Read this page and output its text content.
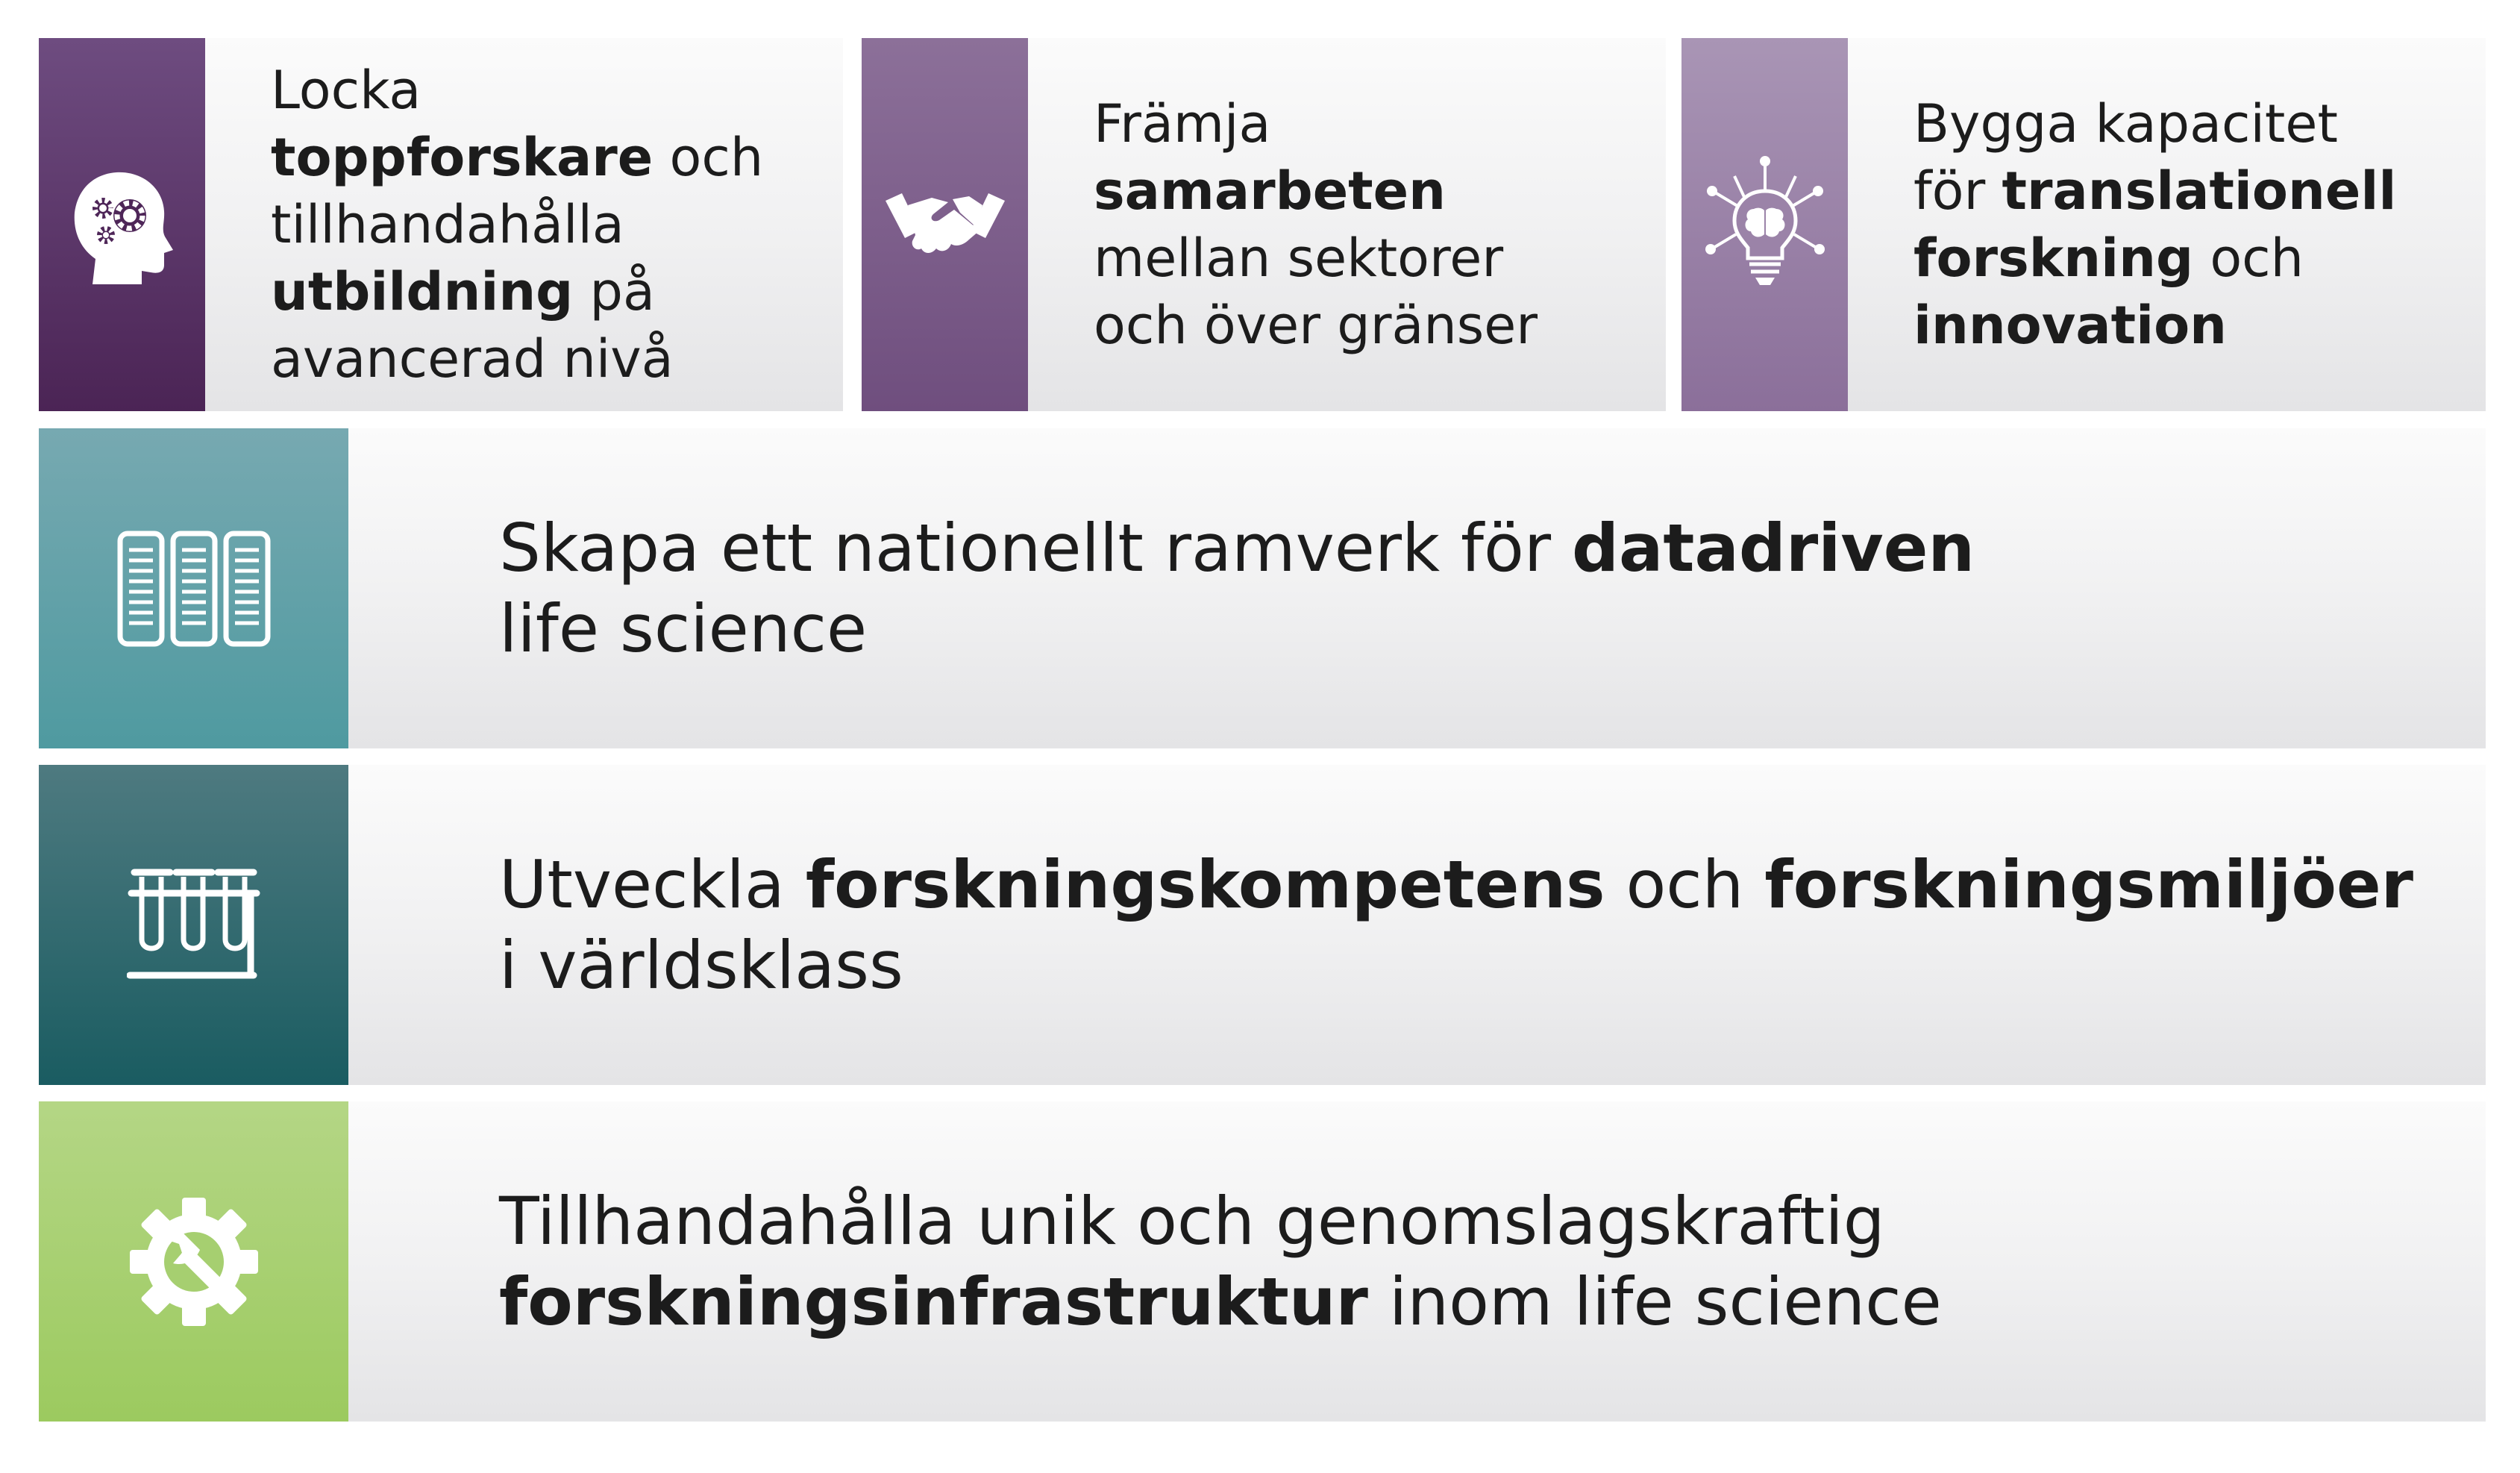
Locka
toppforskare och
tillhandahålla
utbildning på
avancerad nivå

Främja
samarbeten
mellan sektorer
och över gränser

Bygga kapacitet
för translationell
forskning och
innovation

Skapa ett nationellt ramverk för datadriven
life science

Utveckla forskningskompetens och forskningsmiljöer
i världsklass

Tillhandahålla unik och genomslagskraftig
forskningsinfrastruktur inom life science
